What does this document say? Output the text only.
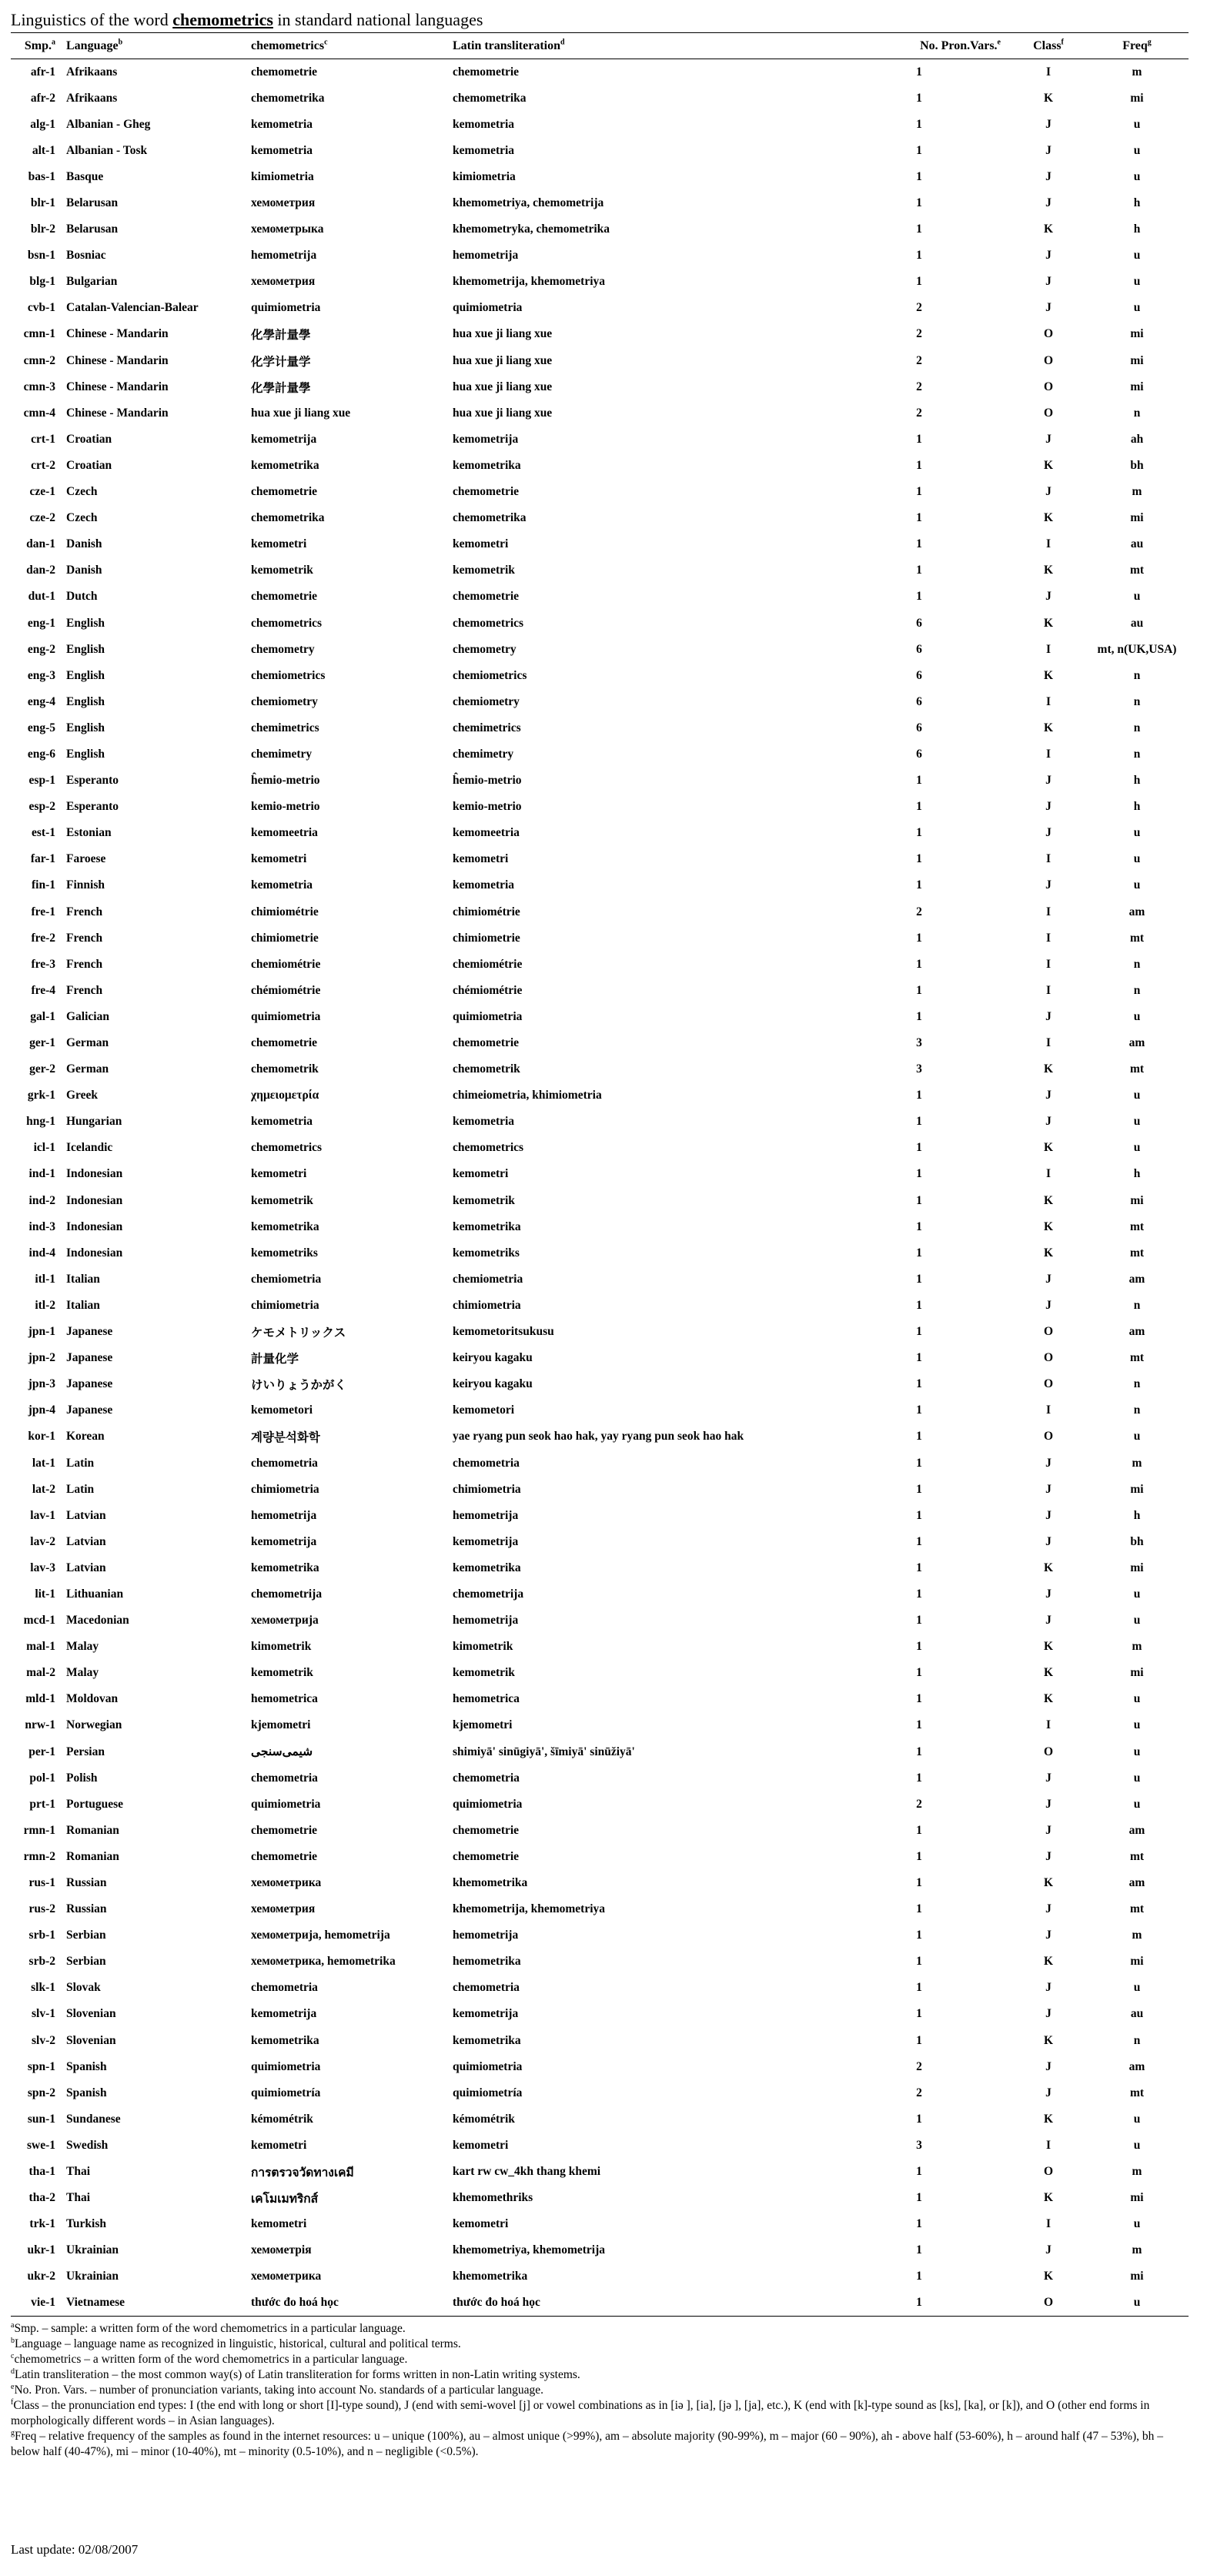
Linguistics of the word chemometrics in standard national languages
Smp.$^a$	Language$^b$	chemometrics$^c$	Latin transliteration$^d$	No. Pron.Vars.$^e$	Class$^f$	Freq$^g$
afr-1	Afrikaans	chemometrie	chemometrie	1	I	m
afr-2	Afrikaans	chemometrika	chemometrika	1	K	mi
alg-1	Albanian - Gheg	kemometria	kemometria	1	J	u
alt-1	Albanian - Tosk	kemometria	kemometria	1	J	u
bas-1	Basque	kimiometria	kimiometria	1	J	u
blr-1	Belarusan	хемометрия	khemometriya, chemometrija	1	J	h
blr-2	Belarusan	хемометрыка	khemometryka, chemometrika	1	K	h
bsn-1	Bosniac	hemometrija	hemometrija	1	J	u
blg-1	Bulgarian	хемометрия	khemometrija, khemometriya	1	J	u
cvb-1	Catalan-Valencian-Balear	quimiometria	quimiometria	2	J	u
cmn-1	Chinese - Mandarin	化學計量學	hua xue ji liang xue	2	O	mi
cmn-2	Chinese - Mandarin	化学计量学	hua xue ji liang xue	2	O	mi
cmn-3	Chinese - Mandarin	化學計量學	hua xue ji liang xue	2	O	mi
cmn-4	Chinese - Mandarin	hua xue ji liang xue	hua xue ji liang xue	2	O	n
crt-1	Croatian	kemometrija	kemometrija	1	J	ah
crt-2	Croatian	kemometrika	kemometrika	1	K	bh
cze-1	Czech	chemometrie	chemometrie	1	J	m
cze-2	Czech	chemometrika	chemometrika	1	K	mi
dan-1	Danish	kemometri	kemometri	1	I	au
dan-2	Danish	kemometrik	kemometrik	1	K	mt
dut-1	Dutch	chemometrie	chemometrie	1	J	u
eng-1	English	chemometrics	chemometrics	6	K	au
eng-2	English	chemometry	chemometry	6	I	mt, n(UK,USA)
eng-3	English	chemiometrics	chemiometrics	6	K	n
eng-4	English	chemiometry	chemiometry	6	I	n
eng-5	English	chemimetrics	chemimetrics	6	K	n
eng-6	English	chemimetry	chemimetry	6	I	n
esp-1	Esperanto	ĥemio-metrio	ĥemio-metrio	1	J	h
esp-2	Esperanto	kemio-metrio	kemio-metrio	1	J	h
est-1	Estonian	kemomeetria	kemomeetria	1	J	u
far-1	Faroese	kemometri	kemometri	1	I	u
fin-1	Finnish	kemometria	kemometria	1	J	u
fre-1	French	chimiométrie	chimiométrie	2	I	am
fre-2	French	chimiometrie	chimiometrie	1	I	mt
fre-3	French	chemiométrie	chemiométrie	1	I	n
fre-4	French	chémiométrie	chémiométrie	1	I	n
gal-1	Galician	quimiometria	quimiometria	1	J	u
ger-1	German	chemometrie	chemometrie	3	I	am
ger-2	German	chemometrik	chemometrik	3	K	mt
grk-1	Greek	χημειομετρία	chimeiometria, khimiometria	1	J	u
hng-1	Hungarian	kemometria	kemometria	1	J	u
icl-1	Icelandic	chemometrics	chemometrics	1	K	u
ind-1	Indonesian	kemometri	kemometri	1	I	h
ind-2	Indonesian	kemometrik	kemometrik	1	K	mi
ind-3	Indonesian	kemometrika	kemometrika	1	K	mt
ind-4	Indonesian	kemometriks	kemometriks	1	K	mt
itl-1	Italian	chemiometria	chemiometria	1	J	am
itl-2	Italian	chimiometria	chimiometria	1	J	n
jpn-1	Japanese	ケモメトリックス	kemometoritsukusu	1	O	am
jpn-2	Japanese	計量化学	keiryou kagaku	1	O	mt
jpn-3	Japanese	けいりょうかがく	keiryou kagaku	1	O	n
jpn-4	Japanese	kemometori	kemometori	1	I	n
kor-1	Korean	계량분석화학	yae ryang pun seok hao hak, yay ryang pun seok hao hak	1	O	u
lat-1	Latin	chemometria	chemometria	1	J	m
lat-2	Latin	chimiometria	chimiometria	1	J	mi
lav-1	Latvian	hemometrija	hemometrija	1	J	h
lav-2	Latvian	kemometrija	kemometrija	1	J	bh
lav-3	Latvian	kemometrika	kemometrika	1	K	mi
lit-1	Lithuanian	chemometrija	chemometrija	1	J	u
mcd-1	Macedonian	хемометрија	hemometrija	1	J	u
mal-1	Malay	kimometrik	kimometrik	1	K	m
mal-2	Malay	kemometrik	kemometrik	1	K	mi
mld-1	Moldovan	hemometrica	hemometrica	1	K	u
nrw-1	Norwegian	kjemometri	kjemometri	1	I	u
per-1	Persian	شیمی‌سنجی	shimiyā' sinūgiyā', šīmiyā' sinūžiyā'	1	O	u
pol-1	Polish	chemometria	chemometria	1	J	u
prt-1	Portuguese	quimiometria	quimiometria	2	J	u
rmn-1	Romanian	chemometrie	chemometrie	1	J	am
rmn-2	Romanian	chemometrie	chemometrie	1	J	mt
rus-1	Russian	хемометрика	khemometrika	1	K	am
rus-2	Russian	хемометрия	khemometrija, khemometriya	1	J	mt
srb-1	Serbian	хемометрија, hemometrija	hemometrija	1	J	m
srb-2	Serbian	хемометрика, hemometrika	hemometrika	1	K	mi
slk-1	Slovak	chemometria	chemometria	1	J	u
slv-1	Slovenian	kemometrija	kemometrija	1	J	au
slv-2	Slovenian	kemometrika	kemometrika	1	K	n
spn-1	Spanish	quimiometria	quimiometria	2	J	am
spn-2	Spanish	quimiometría	quimiometría	2	J	mt
sun-1	Sundanese	kémométrik	kémométrik	1	K	u
swe-1	Swedish	kemometri	kemometri	3	I	u
tha-1	Thai	การตรวจวัดทางเคมี	kart rw cw_4kh thang khemi	1	O	m
tha-2	Thai	เคโมเมทริกส์	khemomethriks	1	K	mi
trk-1	Turkish	kemometri	kemometri	1	I	u
ukr-1	Ukrainian	хемометрія	khemometriya, khemometrija	1	J	m
ukr-2	Ukrainian	хемометрика	khemometrika	1	K	mi
vie-1	Vietnamese	thước đo hoá học	thước đo hoá học	1	O	u
$^a$Smp. – sample: a written form of the word chemometrics in a particular language.
$^b$Language – language name as recognized in linguistic, historical, cultural and political terms.
$^c$chemometrics – a written form of the word chemometrics in a particular language.
$^d$Latin transliteration – the most common way(s) of Latin transliteration for forms written in non-Latin writing systems.
$^e$No. Pron. Vars. – number of pronunciation variants, taking into account No. standards of a particular language.
$^f$Class – the pronunciation end types: I (the end with long or short [I]-type sound), J (end with semi-wovel [j] or vowel combinations as in [iə ], [ia], [jə ], [ja], etc.), K (end with [k]-type sound as [ks], [ka], or [k]), and O (other end forms in morphologically different words – in Asian languages).
$^g$Freq – relative frequency of the samples as found in the internet resources: u – unique (100%), au – almost unique (>99%), am – absolute majority (90-99%), m – major (60 – 90%), ah - above half (53-60%), h – around half (47 – 53%), bh – below half (40-47%), mi – minor (10-40%), mt – minority (0.5-10%), and n – negligible (<0.5%).
Last update: 02/08/2007
